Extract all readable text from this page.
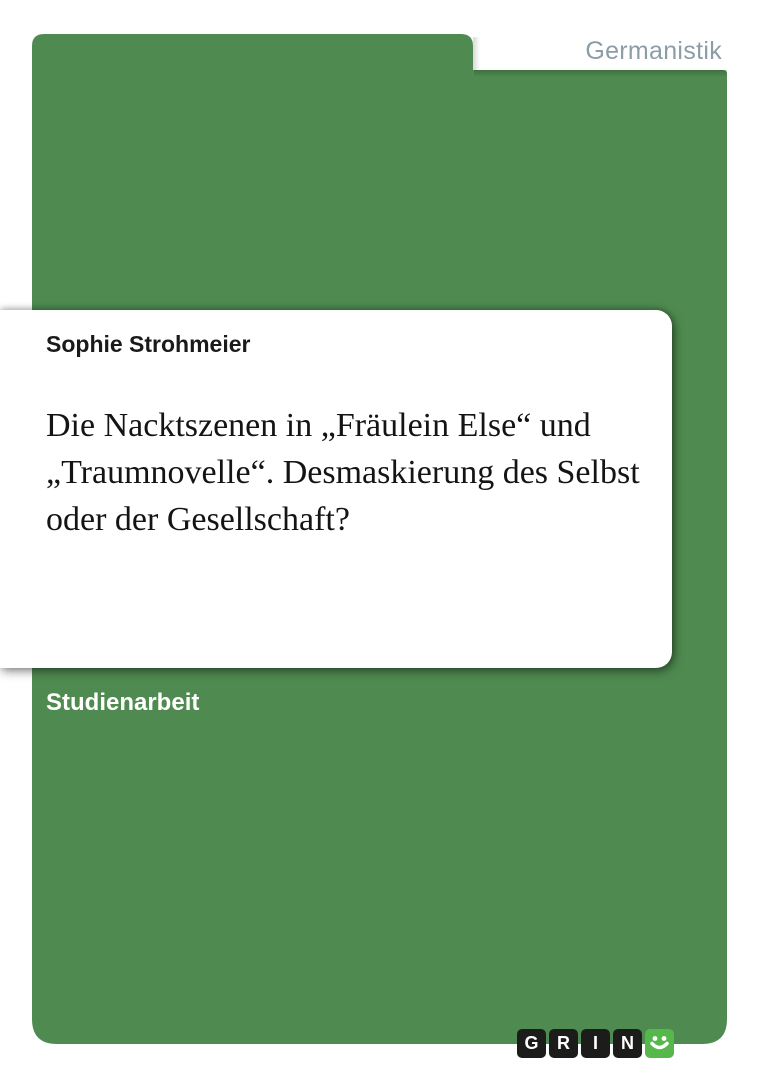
Germanistik
Sophie Strohmeier
Die Nacktszenen in „Fräulein Else“ und
„Traumnovelle“. Desmaskierung des Selbst
oder der Gesellschaft?
Studienarbeit
G	R	I	N
